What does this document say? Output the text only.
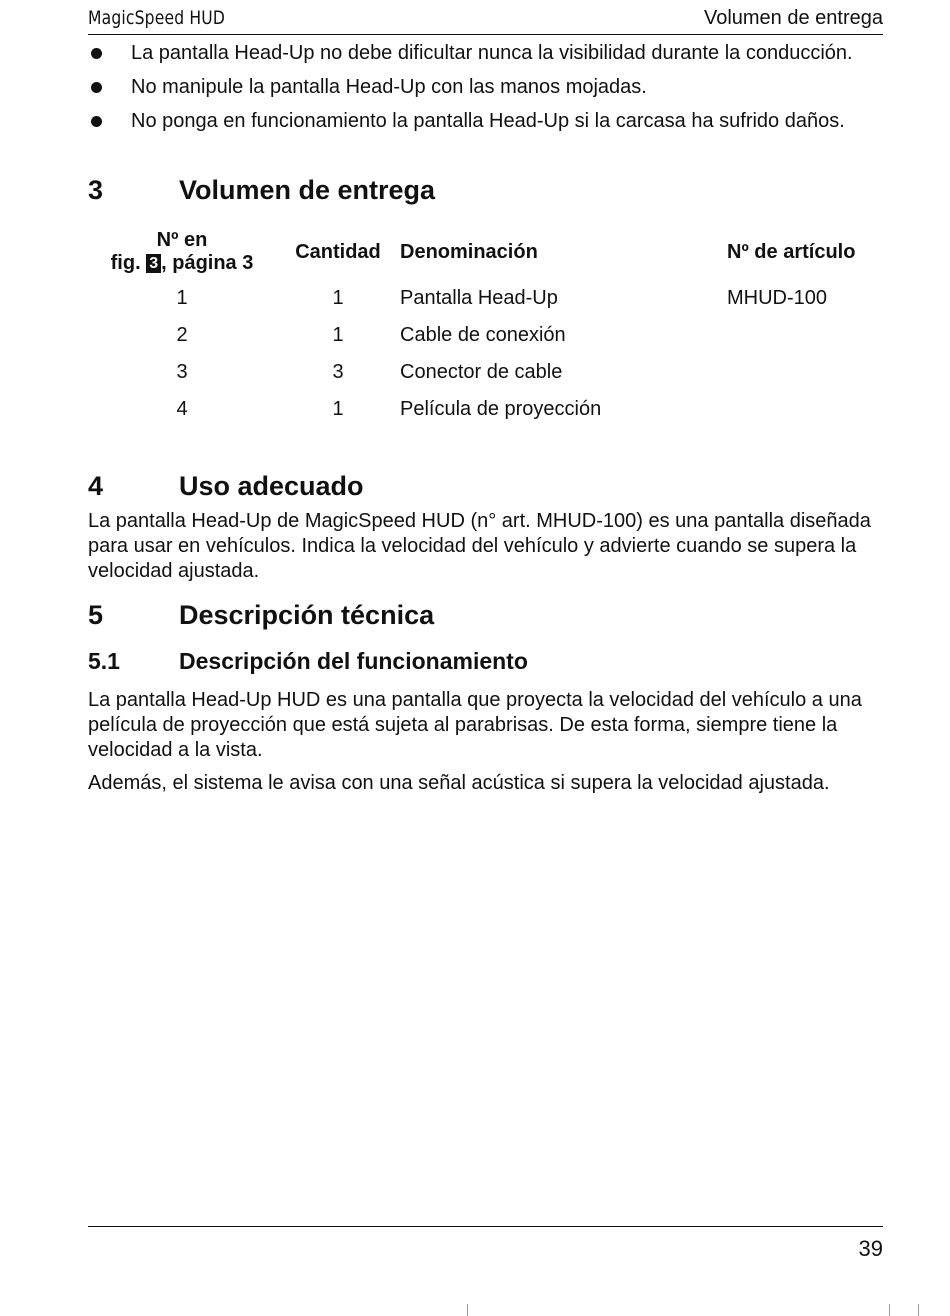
MagicSpeed HUD	Volumen de entrega
La pantalla Head-Up no debe dificultar nunca la visibilidad durante la conducción.
No manipule la pantalla Head-Up con las manos mojadas.
No ponga en funcionamiento la pantalla Head-Up si la carcasa ha sufrido daños.
3	Volumen de entrega
Nº en
fig. 3 , página 3	Cantidad	Denominación	Nº de artículo
1	1	Pantalla Head-Up	MHUD-100
2	1	Cable de conexión	
3	3	Conector de cable	
4	1	Película de proyección	
4	Uso adecuado

La pantalla Head-Up de MagicSpeed HUD (n° art. MHUD-100) es una pantalla diseñada para usar en vehículos. Indica la velocidad del vehículo y advierte cuando se supera la velocidad ajustada.

5	Descripción técnica
5.1	Descripción del funcionamiento

La pantalla Head-Up HUD es una pantalla que proyecta la velocidad del vehículo a una película de proyección que está sujeta al parabrisas. De esta forma, siempre tiene la velocidad a la vista.

Además, el sistema le avisa con una señal acústica si supera la velocidad ajustada.

39
